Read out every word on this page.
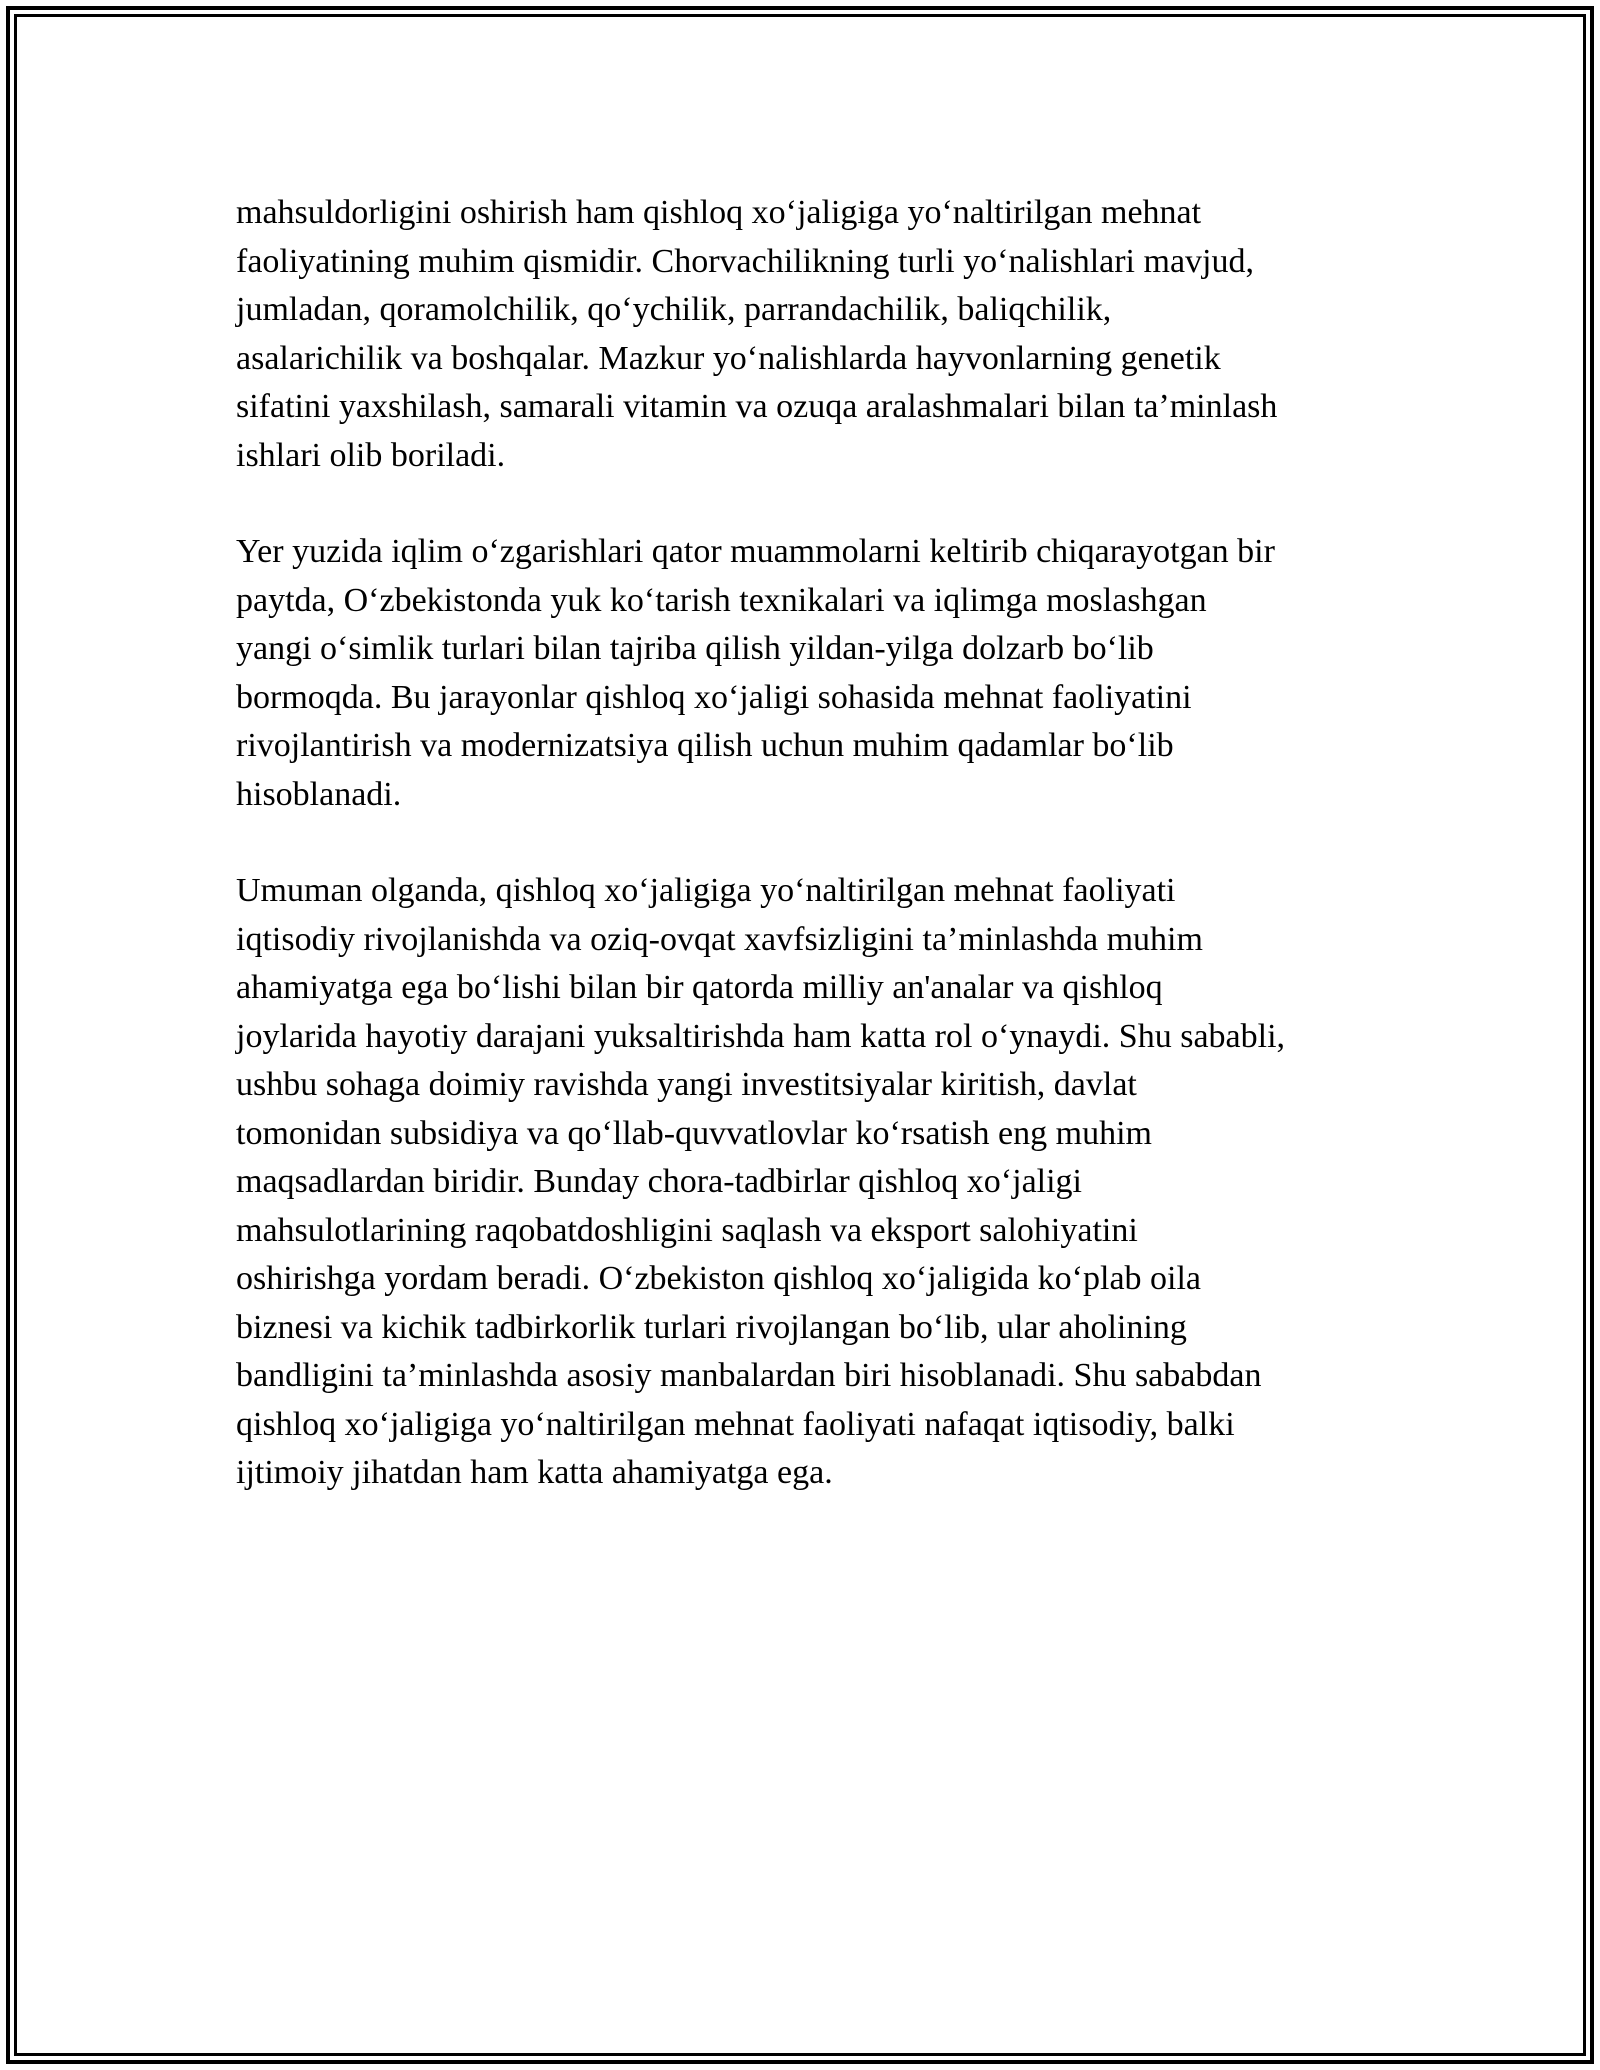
mahsuldorligini oshirish ham qishloq xo‘jaligiga yo‘naltirilgan mehnat
faoliyatining muhim qismidir. Chorvachilikning turli yo‘nalishlari mavjud,
jumladan, qoramolchilik, qo‘ychilik, parrandachilik, baliqchilik,
asalarichilik va boshqalar. Mazkur yo‘nalishlarda hayvonlarning genetik
sifatini yaxshilash, samarali vitamin va ozuqa aralashmalari bilan ta’minlash
ishlari olib boriladi.

Yer yuzida iqlim o‘zgarishlari qator muammolarni keltirib chiqarayotgan bir
paytda, O‘zbekistonda yuk ko‘tarish texnikalari va iqlimga moslashgan
yangi o‘simlik turlari bilan tajriba qilish yildan-yilga dolzarb bo‘lib
bormoqda. Bu jarayonlar qishloq xo‘jaligi sohasida mehnat faoliyatini
rivojlantirish va modernizatsiya qilish uchun muhim qadamlar bo‘lib
hisoblanadi.

Umuman olganda, qishloq xo‘jaligiga yo‘naltirilgan mehnat faoliyati
iqtisodiy rivojlanishda va oziq-ovqat xavfsizligini ta’minlashda muhim
ahamiyatga ega bo‘lishi bilan bir qatorda milliy an'analar va qishloq
joylarida hayotiy darajani yuksaltirishda ham katta rol o‘ynaydi. Shu sababli,
ushbu sohaga doimiy ravishda yangi investitsiyalar kiritish, davlat
tomonidan subsidiya va qo‘llab-quvvatlovlar ko‘rsatish eng muhim
maqsadlardan biridir. Bunday chora-tadbirlar qishloq xo‘jaligi
mahsulotlarining raqobatdoshligini saqlash va eksport salohiyatini
oshirishga yordam beradi. O‘zbekiston qishloq xo‘jaligida ko‘plab oila
biznesi va kichik tadbirkorlik turlari rivojlangan bo‘lib, ular aholining
bandligini ta’minlashda asosiy manbalardan biri hisoblanadi. Shu sababdan
qishloq xo‘jaligiga yo‘naltirilgan mehnat faoliyati nafaqat iqtisodiy, balki
ijtimoiy jihatdan ham katta ahamiyatga ega.
